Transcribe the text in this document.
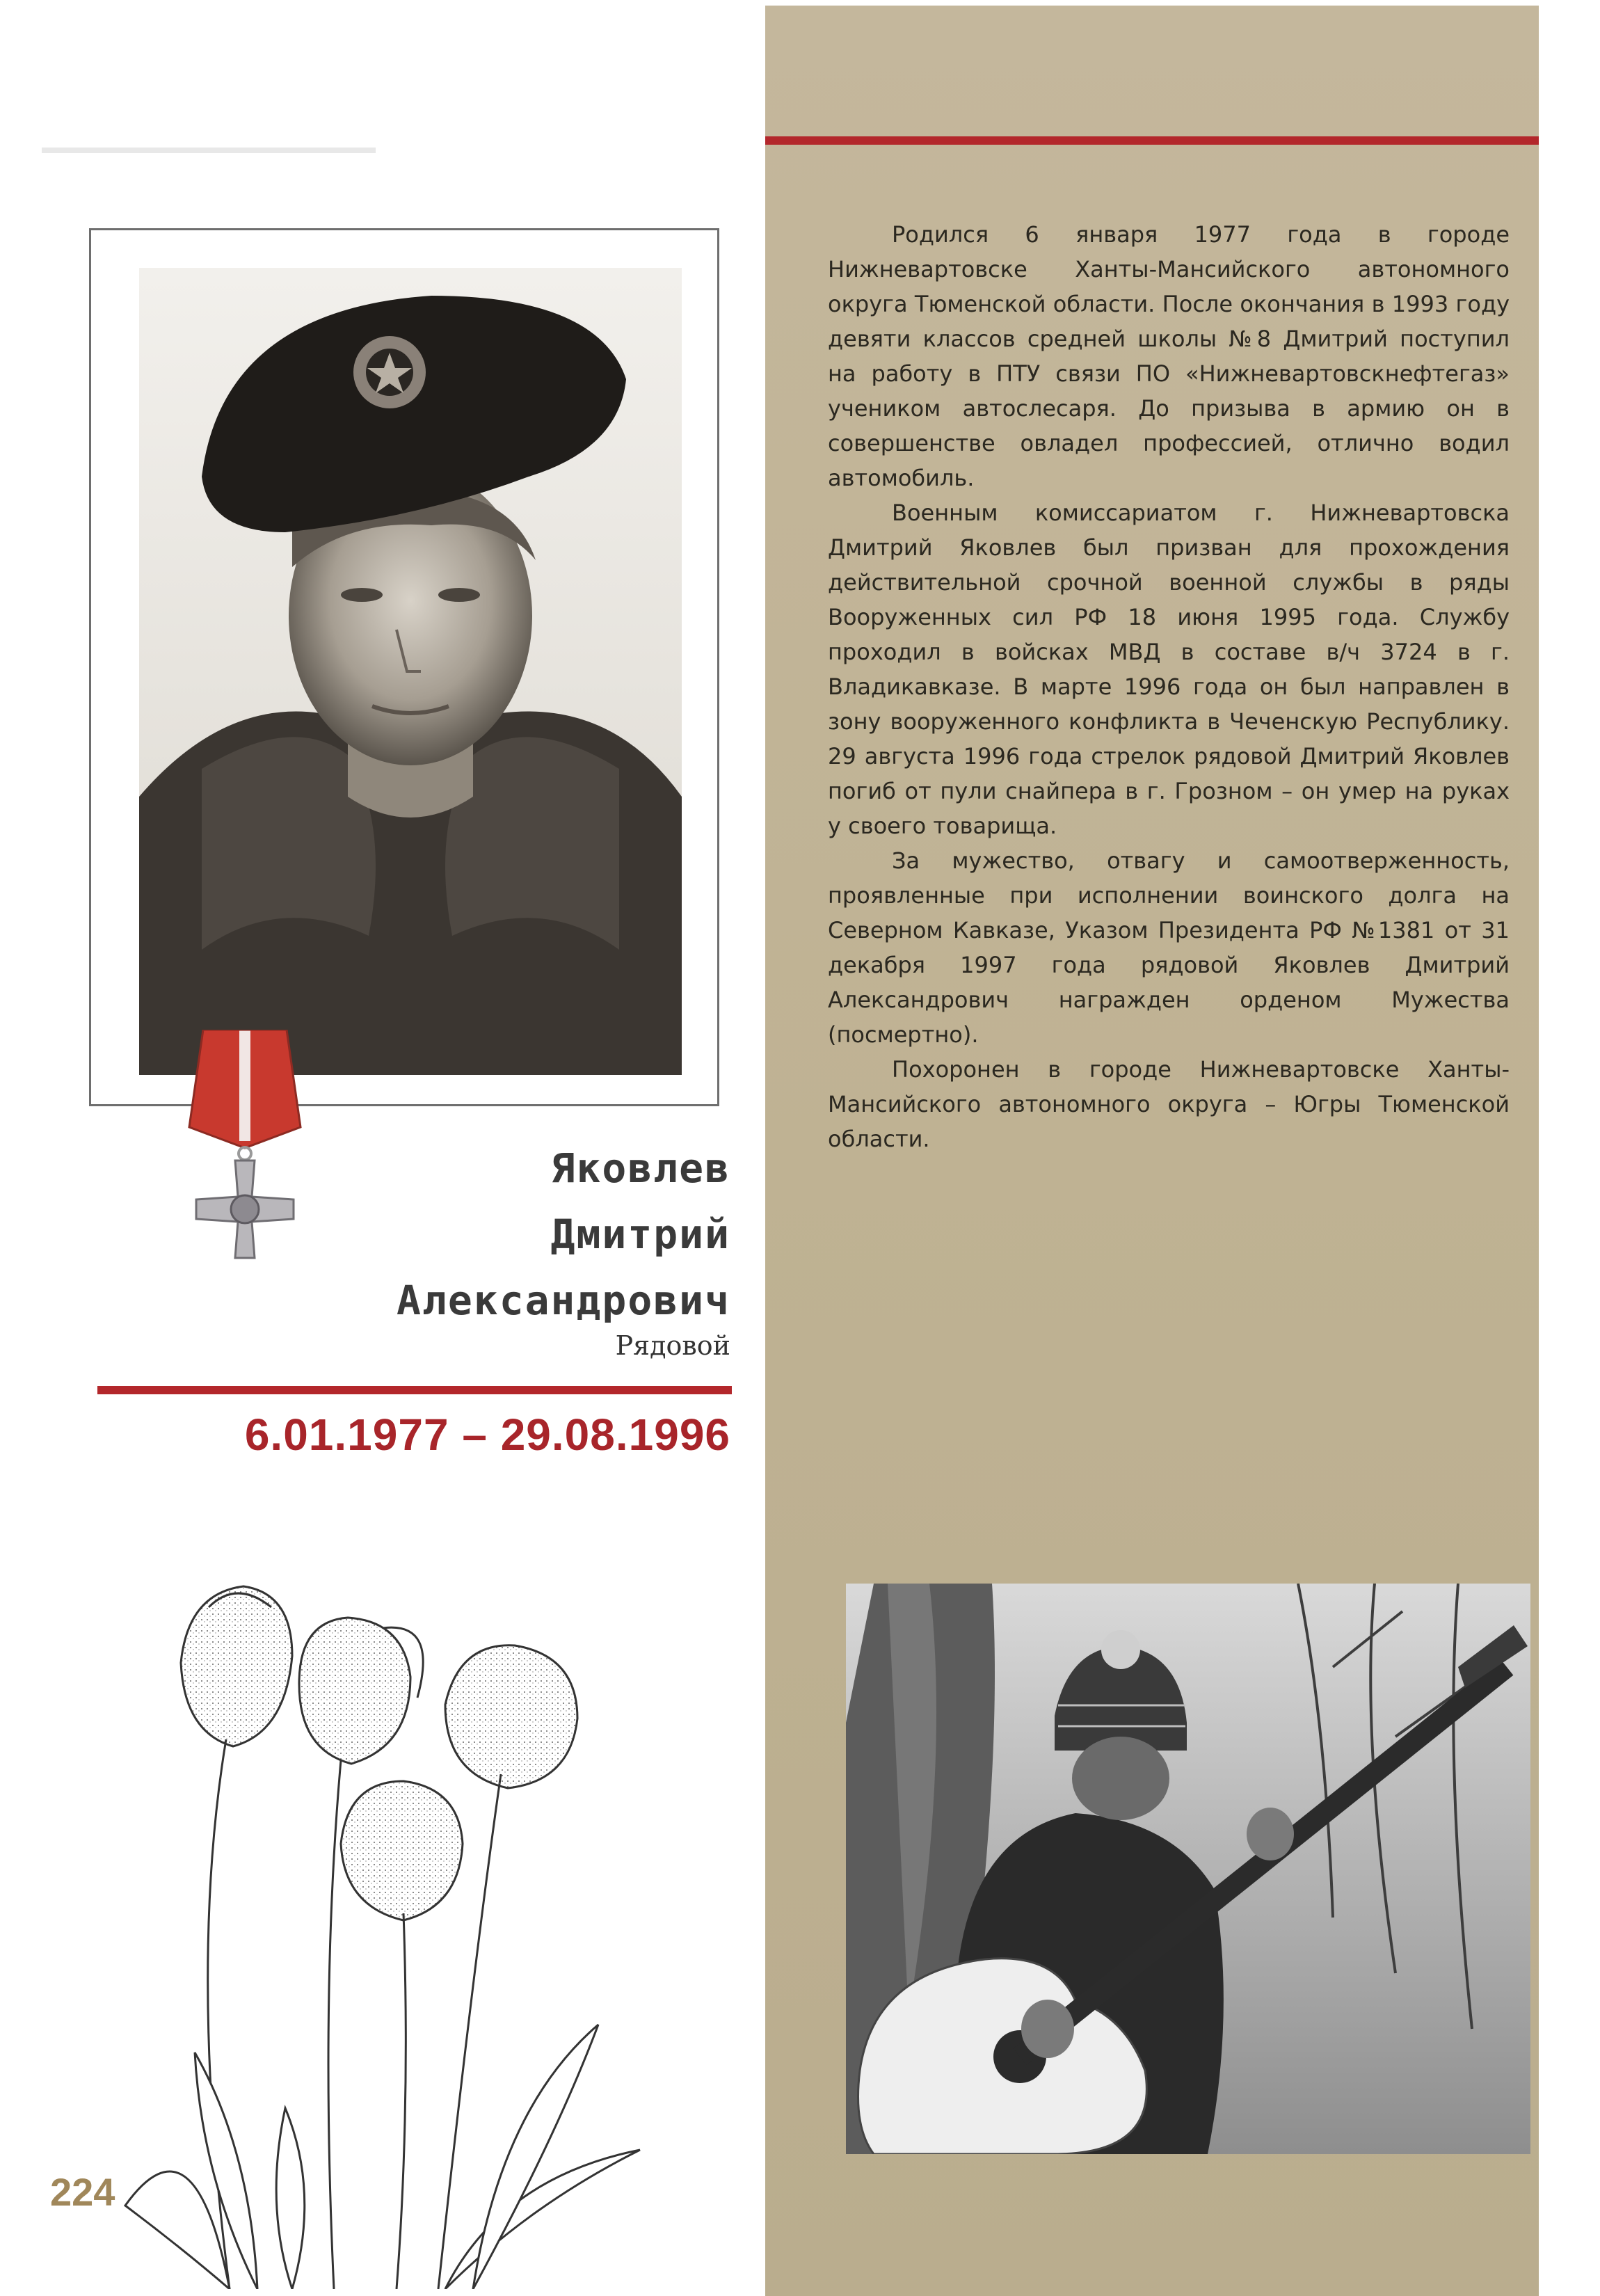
Родился 6 января 1977 года в городе Нижневартовске Ханты-Мансийского автономного округа Тюменской области. После окончания в 1993 году девяти классов средней школы №8 Дмитрий поступил на работу в ПТУ связи ПО «Нижневартовскнефтегаз» учеником автослесаря. До призыва в армию он в совершенстве овладел профессией, отлично водил автомобиль.

Военным комиссариатом г. Нижневартовска Дмитрий Яковлев был призван для прохождения действительной срочной военной службы в ряды Вооруженных сил РФ 18 июня 1995 года. Службу проходил в войсках МВД в составе в/ч 3724 в г. Владикавказе. В марте 1996 года он был направлен в зону вооруженного конфликта в Чеченскую Республику. 29 августа 1996 года стрелок рядовой Дмитрий Яковлев погиб от пули снайпера в г. Грозном – он умер на руках у своего товарища.

За мужество, отвагу и самоотверженность, проявленные при исполнении воинского долга на Северном Кавказе, Указом Президента РФ №1381 от 31 декабря 1997 года рядовой Яковлев Дмитрий Александрович награжден орденом Мужества (посмертно).

Похоронен в городе Нижневартовске Ханты-Мансийского автономного округа – Югры Тюменской области.

Яковлев
Дмитрий
Александрович
Рядовой
6.01.1977 – 29.08.1996
224
